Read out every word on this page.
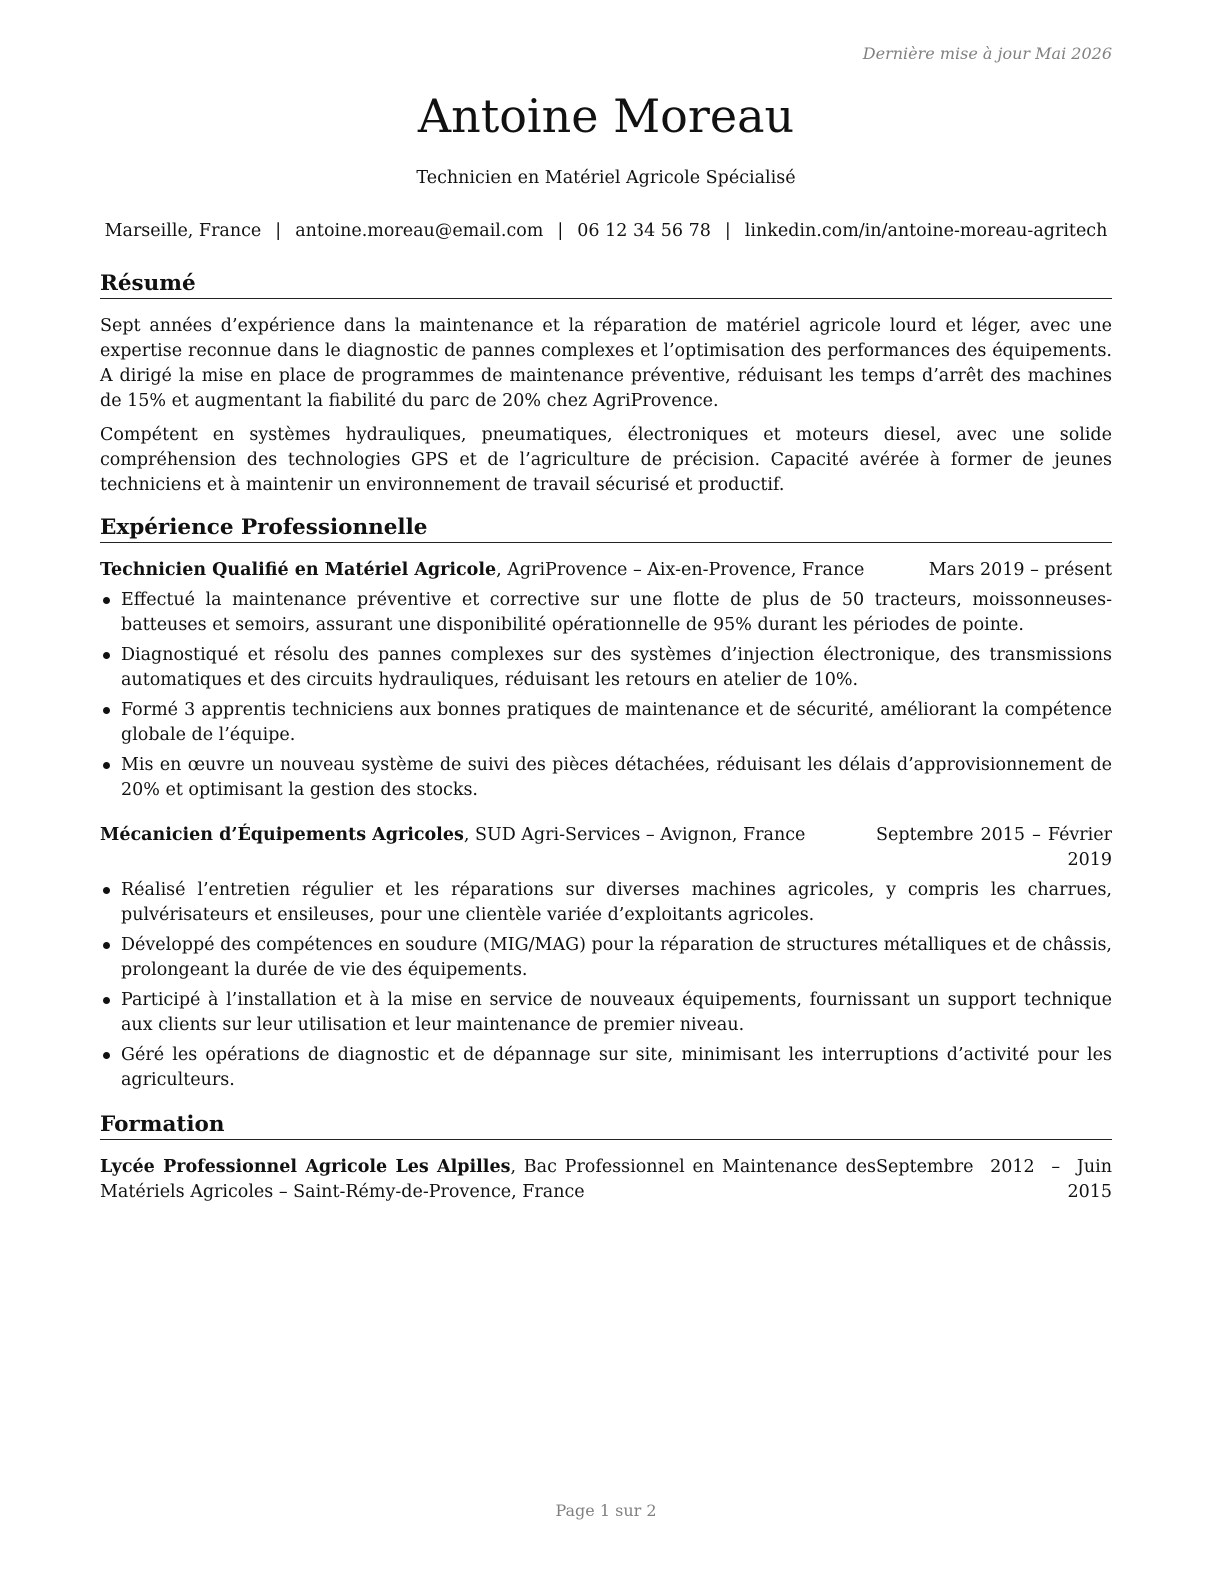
Dernière mise à jour Mai 2026
Antoine Moreau
Technicien en Matériel Agricole Spécialisé
Marseille, France | antoine.moreau@email.com | 06 12 34 56 78 | linkedin.com/in/antoine-moreau-agritech
Résumé

Sept années d’expérience dans la maintenance et la réparation de matériel agricole lourd et léger, avec une expertise reconnue dans le diagnostic de pannes complexes et l’optimisation des performances des équipements. A dirigé la mise en place de programmes de maintenance préventive, réduisant les temps d’arrêt des machines de 15% et augmentant la fiabilité du parc de 20% chez AgriProvence.

Compétent en systèmes hydrauliques, pneumatiques, électroniques et moteurs diesel, avec une solide compréhension des technologies GPS et de l’agriculture de précision. Capacité avérée à former de jeunes techniciens et à maintenir un environnement de travail sécurisé et productif.

Expérience Professionnelle
Technicien Qualifié en Matériel Agricole, AgriProvence – Aix-en-Provence, France	Mars 2019 – présent
Effectué la maintenance préventive et corrective sur une flotte de plus de 50 tracteurs, moissonneuses-batteuses et semoirs, assurant une disponibilité opérationnelle de 95% durant les périodes de pointe.
Diagnostiqué et résolu des pannes complexes sur des systèmes d’injection électronique, des transmissions automatiques et des circuits hydrauliques, réduisant les retours en atelier de 10%.
Formé 3 apprentis techniciens aux bonnes pratiques de maintenance et de sécurité, améliorant la compétence globale de l’équipe.
Mis en œuvre un nouveau système de suivi des pièces détachées, réduisant les délais d’approvisionnement de 20% et optimisant la gestion des stocks.
Mécanicien d’Équipements Agricoles, SUD Agri-Services – Avignon, France	Septembre 2015 – Février 2019
Réalisé l’entretien régulier et les réparations sur diverses machines agricoles, y compris les charrues, pulvérisateurs et ensileuses, pour une clientèle variée d’exploitants agricoles.
Développé des compétences en soudure (MIG/MAG) pour la réparation de structures métalliques et de châssis, prolongeant la durée de vie des équipements.
Participé à l’installation et à la mise en service de nouveaux équipements, fournissant un support technique aux clients sur leur utilisation et leur maintenance de premier niveau.
Géré les opérations de diagnostic et de dépannage sur site, minimisant les interruptions d’activité pour les agriculteurs.
Formation
Lycée Professionnel Agricole Les Alpilles, Bac Professionnel en Maintenance des Matériels Agricoles – Saint-Rémy-de-Provence, France
Septembre 2012 – Juin 2015
Page 1 sur 2
